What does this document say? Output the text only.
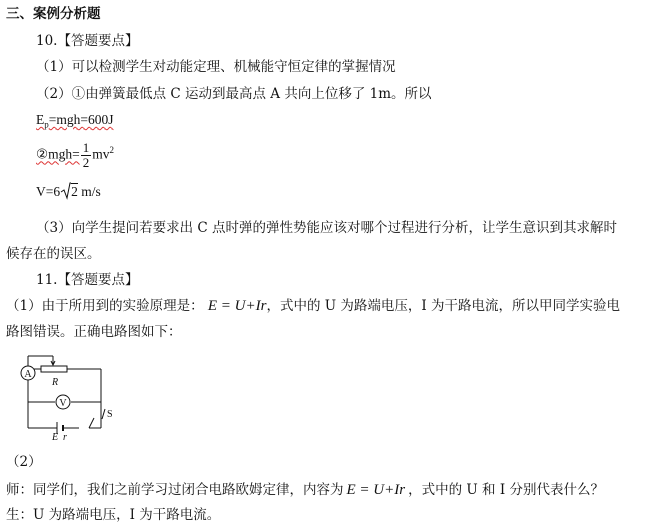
三、案例分析题
10.【答题要点】
（1）可以检测学生对动能定理、机械能守恒定律的掌握情况
（2）①由弹簧最低点 C 运动到最高点 A 共向上位移了 1m。所以
$E_p=mgh=600J$
②mgh= $\frac{1}{2} mv^2$
V=6 2 m/s
（3）向学生提问若要求出 C 点时弹的弹性势能应该对哪个过程进行分析，让学生意识到其求解时
候存在的误区。
11.【答题要点】
（1）由于所用到的实验原理是： E = U+Ir，式中的 U 为路端电压，I 为干路电流，所以甲同学实验电
路图错误。正确电路图如下：
A
V
R
E r
S
（2）
师：同学们，我们之前学习过闭合电路欧姆定律，内容为 E = U+Ir ，式中的 U 和 I 分别代表什么？
生：U 为路端电压，I 为干路电流。
